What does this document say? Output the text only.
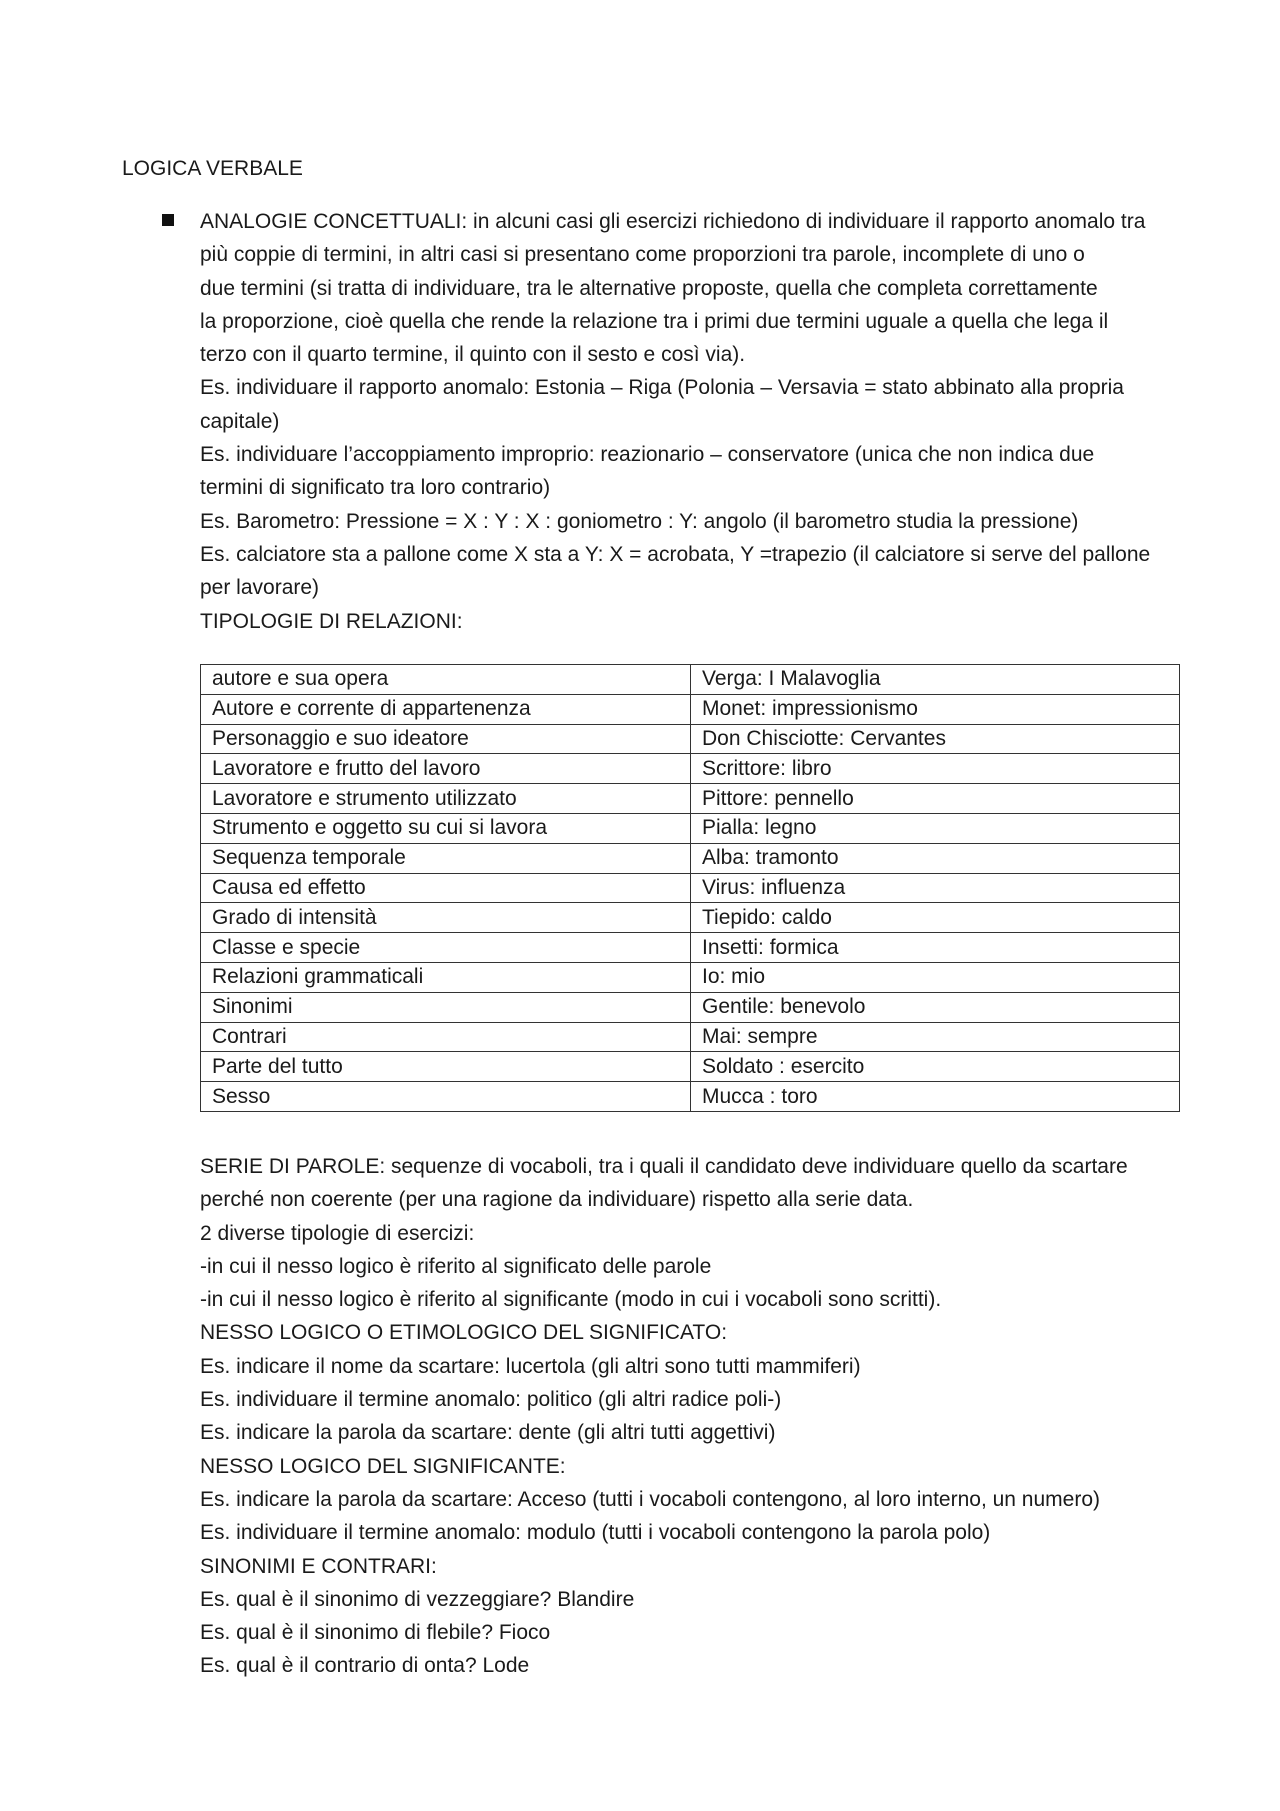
LOGICA VERBALE
ANALOGIE CONCETTUALI: in alcuni casi gli esercizi richiedono di individuare il rapporto anomalo tra
più coppie di termini, in altri casi si presentano come proporzioni tra parole, incomplete di uno o
due termini (si tratta di individuare, tra le alternative proposte, quella che completa correttamente
la proporzione, cioè quella che rende la relazione tra i primi due termini uguale a quella che lega il
terzo con il quarto termine, il quinto con il sesto e così via).
Es. individuare il rapporto anomalo: Estonia – Riga (Polonia – Versavia = stato abbinato alla propria
capitale)
Es. individuare l’accoppiamento improprio: reazionario – conservatore (unica che non indica due
termini di significato tra loro contrario)
Es. Barometro: Pressione = X : Y : X : goniometro : Y: angolo (il barometro studia la pressione)
Es. calciatore sta a pallone come X sta a Y: X = acrobata, Y =trapezio (il calciatore si serve del pallone
per lavorare)
TIPOLOGIE DI RELAZIONI:
autore e sua opera	Verga: I Malavoglia
Autore e corrente di appartenenza	Monet: impressionismo
Personaggio e suo ideatore	Don Chisciotte: Cervantes
Lavoratore e frutto del lavoro	Scrittore: libro
Lavoratore e strumento utilizzato	Pittore: pennello
Strumento e oggetto su cui si lavora	Pialla: legno
Sequenza temporale	Alba: tramonto
Causa ed effetto	Virus: influenza
Grado di intensità	Tiepido: caldo
Classe e specie	Insetti: formica
Relazioni grammaticali	Io: mio
Sinonimi	Gentile: benevolo
Contrari	Mai: sempre
Parte del tutto	Soldato : esercito
Sesso	Mucca : toro
SERIE DI PAROLE: sequenze di vocaboli, tra i quali il candidato deve individuare quello da scartare
perché non coerente (per una ragione da individuare) rispetto alla serie data.
2 diverse tipologie di esercizi:
-in cui il nesso logico è riferito al significato delle parole
-in cui il nesso logico è riferito al significante (modo in cui i vocaboli sono scritti).
NESSO LOGICO O ETIMOLOGICO DEL SIGNIFICATO:
Es. indicare il nome da scartare: lucertola (gli altri sono tutti mammiferi)
Es. individuare il termine anomalo: politico (gli altri radice poli-)
Es. indicare la parola da scartare: dente (gli altri tutti aggettivi)
NESSO LOGICO DEL SIGNIFICANTE:
Es. indicare la parola da scartare: Acceso (tutti i vocaboli contengono, al loro interno, un numero)
Es. individuare il termine anomalo: modulo (tutti i vocaboli contengono la parola polo)
SINONIMI E CONTRARI:
Es. qual è il sinonimo di vezzeggiare? Blandire
Es. qual è il sinonimo di flebile? Fioco
Es. qual è il contrario di onta? Lode
